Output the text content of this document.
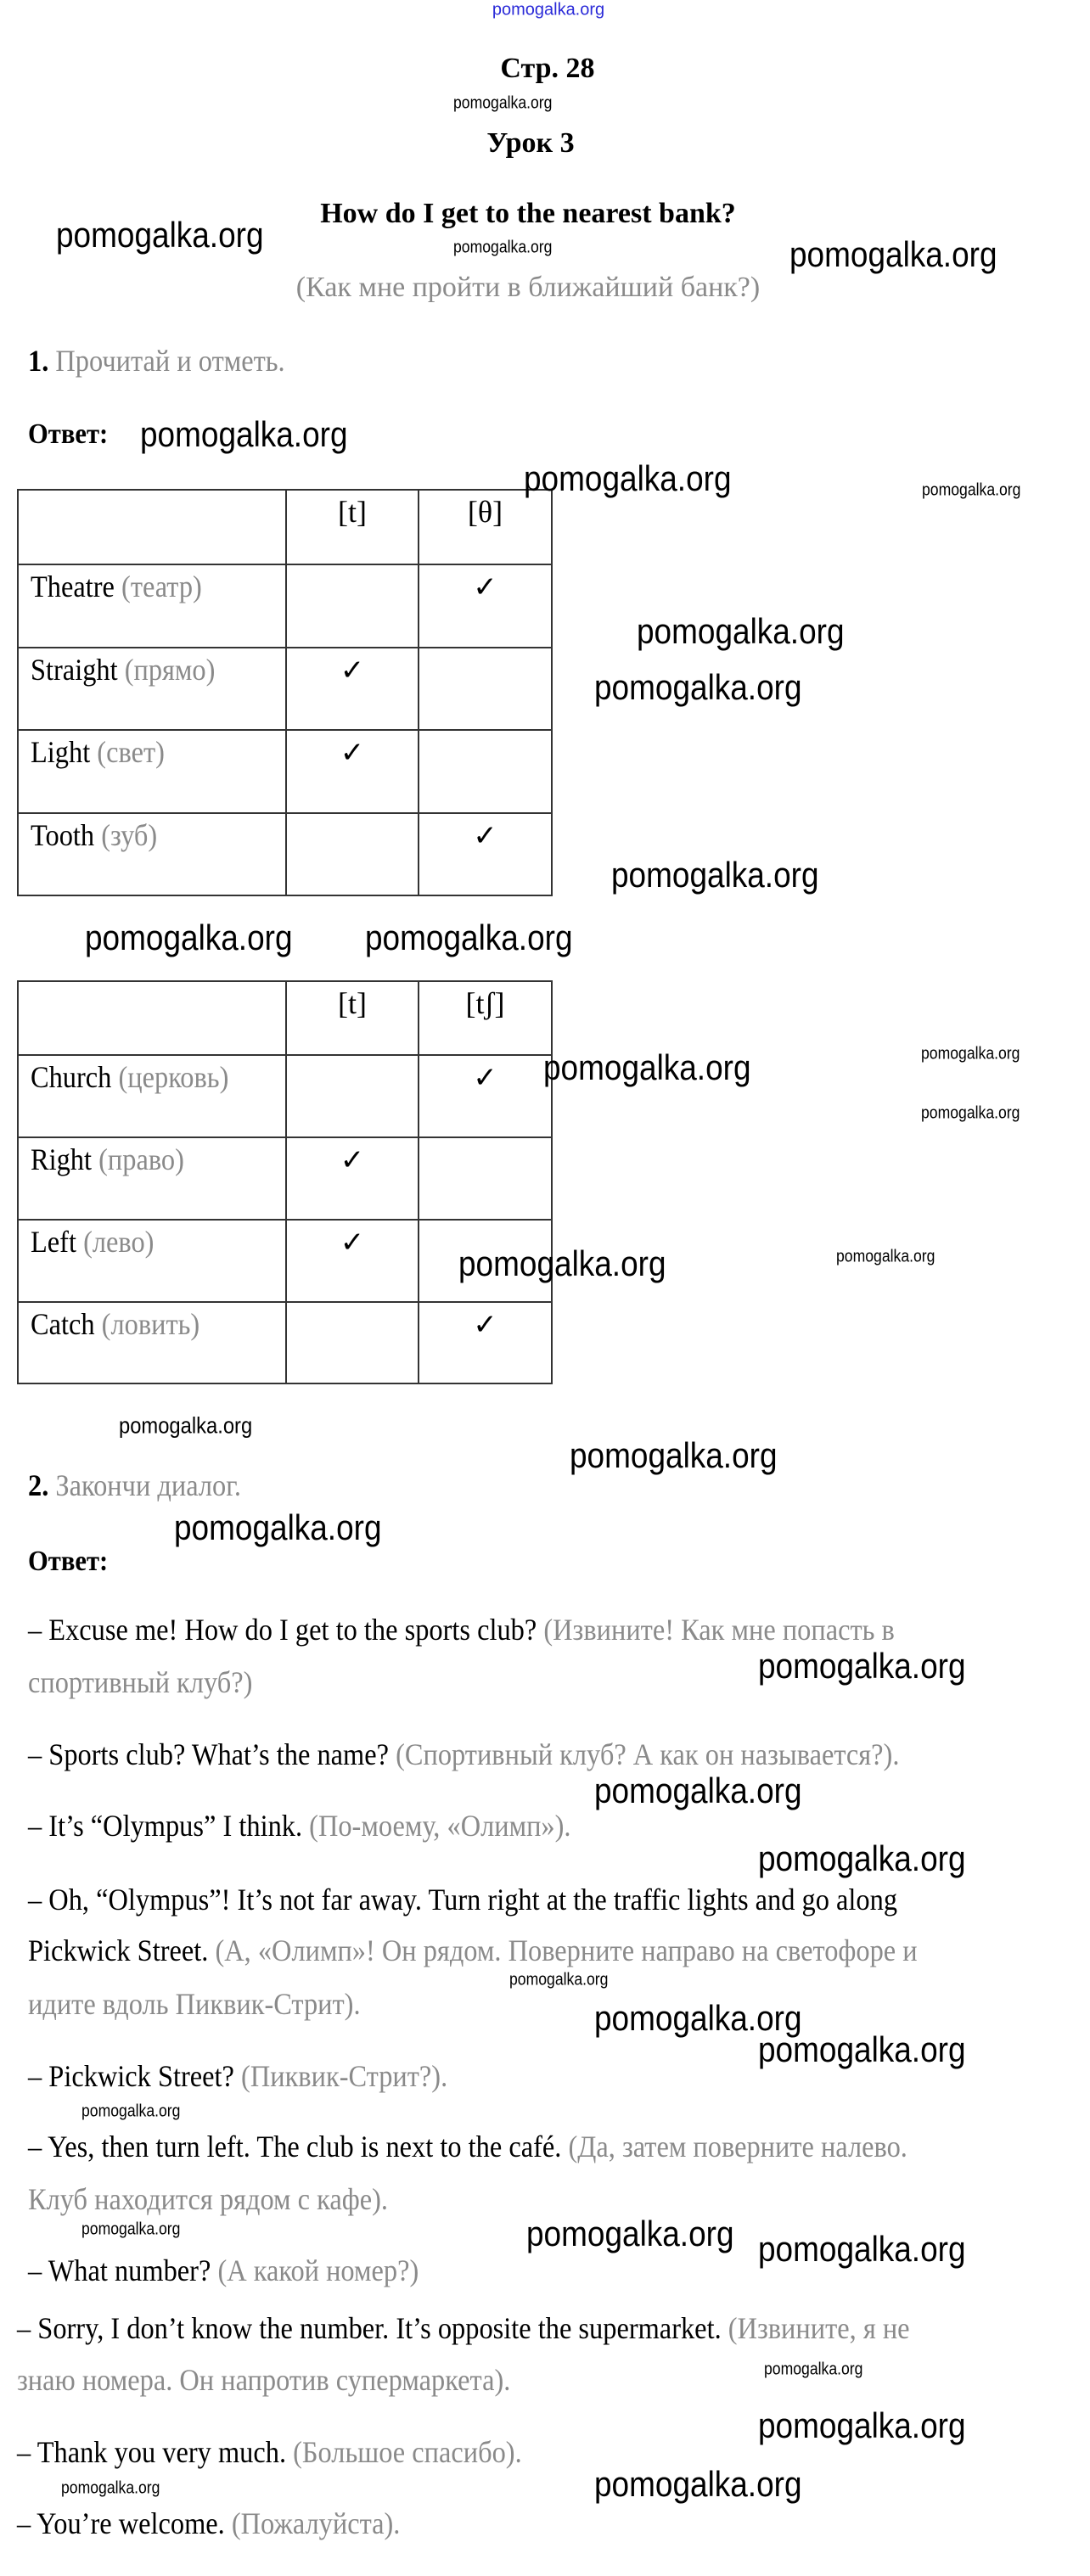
pomogalka.org
Стр. 28
Урок 3
How do I get to the nearest bank?
(Как мне пройти в ближайший банк?)
1. Прочитай и отметь.
Ответ:
	[t]	[θ]
Theatre (театр)		✓
Straight (прямо)	✓	
Light (свет)	✓	
Tooth (зуб)		✓
	[t]	[tʃ]
Church (церковь)		✓
Right (право)	✓	
Left (лево)	✓	
Catch (ловить)		✓
2. Закончи диалог.
Ответ:
– Excuse me! How do I get to the sports club? (Извините! Как мне попасть в
спортивный клуб?)
– Sports club? What’s the name? (Спортивный клуб? А как он называется?).
– It’s “Olympus” I think. (По-моему, «Олимп»).
– Oh, “Olympus”! It’s not far away. Turn right at the traffic lights and go along
Pickwick Street. (А, «Олимп»! Он рядом. Поверните направо на светофоре и
идите вдоль Пиквик-Стрит).
– Pickwick Street? (Пиквик-Стрит?).
– Yes, then turn left. The club is next to the café. (Да, затем поверните налево.
Клуб находится рядом с кафе).
– What number? (А какой номер?)
– Sorry, I don’t know the number. It’s opposite the supermarket. (Извините, я не
знаю номера. Он напротив супермаркета).
– Thank you very much. (Большое спасибо).
– You’re welcome. (Пожалуйста).
pomogalka.org
pomogalka.org
pomogalka.org	pomogalka.org
pomogalka.org
pomogalka.org	pomogalka.org
pomogalka.org
pomogalka.org
pomogalka.org
pomogalka.org
pomogalka.org
pomogalka.org	pomogalka.org
pomogalka.org
pomogalka.org	pomogalka.org
pomogalka.org
pomogalka.org
pomogalka.org
pomogalka.org
pomogalka.org
pomogalka.org
pomogalka.org
pomogalka.org
pomogalka.org
pomogalka.org
pomogalka.org	pomogalka.org pomogalka.org
pomogalka.org
pomogalka.org
pomogalka.org	pomogalka.org
